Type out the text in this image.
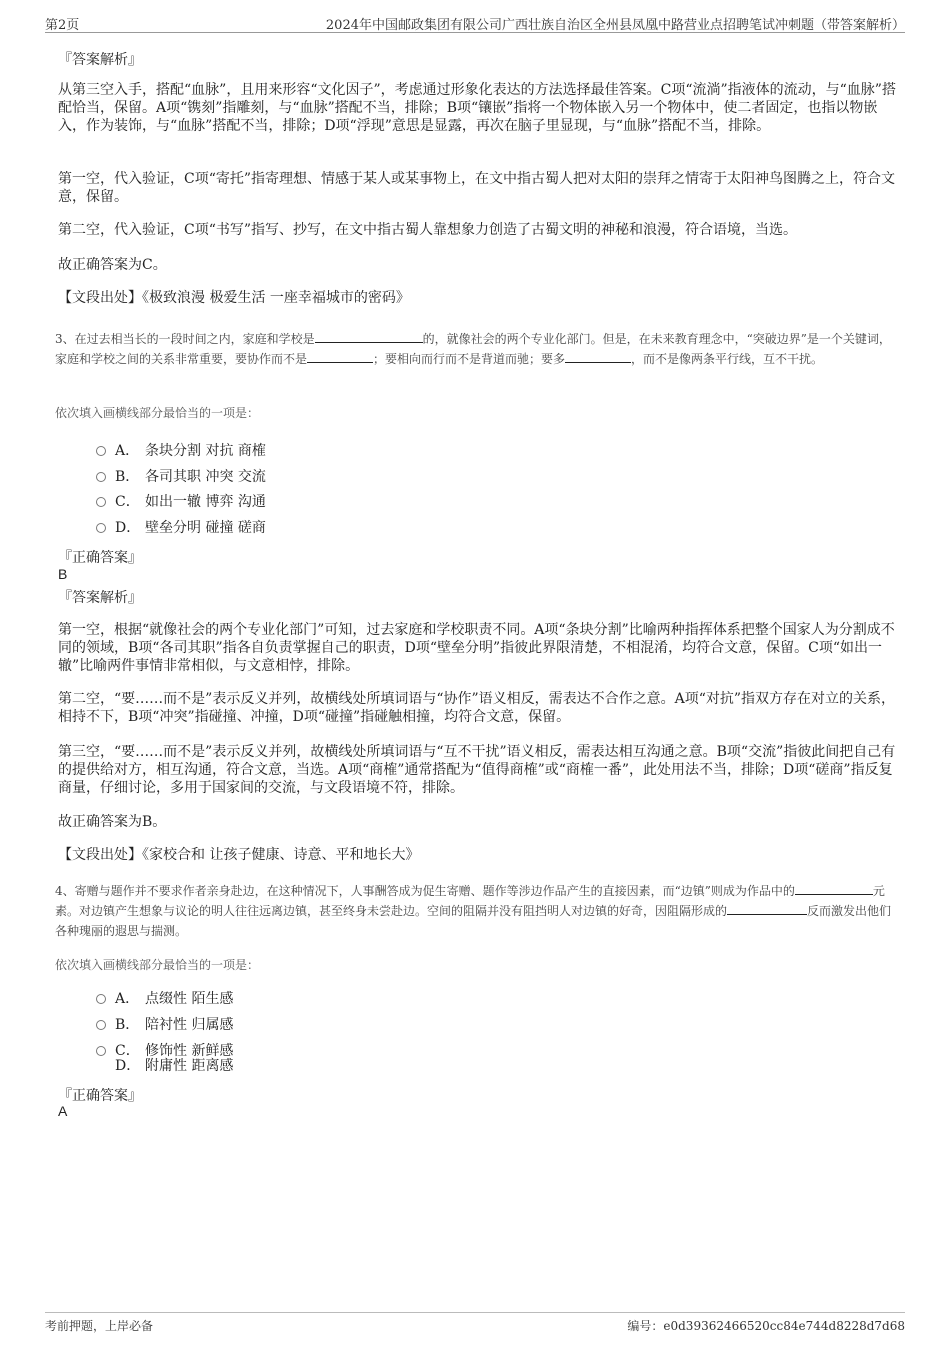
第2页	2024年中国邮政集团有限公司广西壮族自治区全州县凤凰中路营业点招聘笔试冲刺题（带答案解析）
『答案解析』
从第三空入手，搭配“血脉”，且用来形容“文化因子”，考虑通过形象化表达的方法选择最佳答案。C项“流淌”指液体的流动，与“血脉”搭配恰当，保留。A项“镌刻”指雕刻，与“血脉”搭配不当，排除；B项“镶嵌”指将一个物体嵌入另一个物体中，使二者固定，也指以物嵌入，作为装饰，与“血脉”搭配不当，排除；D项“浮现”意思是显露，再次在脑子里显现，与“血脉”搭配不当，排除。
第一空，代入验证，C项“寄托”指寄理想、情感于某人或某事物上，在文中指古蜀人把对太阳的崇拜之情寄于太阳神鸟图腾之上，符合文意，保留。
第二空，代入验证，C项“书写”指写、抄写，在文中指古蜀人靠想象力创造了古蜀文明的神秘和浪漫，符合语境，当选。
故正确答案为C。
【文段出处】《极致浪漫 极爱生活 一座幸福城市的密码》
3、在过去相当长的一段时间之内，家庭和学校是	的，就像社会的两个专业化部门。但是，在未来教育理念中，“突破边界”是一个关键词，家庭和学校之间的关系非常重要，要协作而不是	；要相向而行而不是背道而驰；要多	，而不是像两条平行线，互不干扰。
依次填入画横线部分最恰当的一项是：
A． 条块分割 对抗 商榷
B． 各司其职 冲突 交流
C． 如出一辙 博弈 沟通
D． 壁垒分明 碰撞 磋商
『正确答案』
B
『答案解析』
第一空，根据“就像社会的两个专业化部门”可知，过去家庭和学校职责不同。A项“条块分割”比喻两种指挥体系把整个国家人为分割成不同的领域，B项“各司其职”指各自负责掌握自己的职责，D项“壁垒分明”指彼此界限清楚，不相混淆，均符合文意，保留。C项“如出一辙”比喻两件事情非常相似，与文意相悖，排除。
第二空，“要……而不是”表示反义并列，故横线处所填词语与“协作”语义相反，需表达不合作之意。A项“对抗”指双方存在对立的关系，相持不下，B项“冲突”指碰撞、冲撞，D项“碰撞”指碰触相撞，均符合文意，保留。
第三空，“要……而不是”表示反义并列，故横线处所填词语与“互不干扰”语义相反，需表达相互沟通之意。B项“交流”指彼此间把自己有的提供给对方，相互沟通，符合文意，当选。A项“商榷”通常搭配为“值得商榷”或“商榷一番”，此处用法不当，排除；D项“磋商”指反复商量，仔细讨论，多用于国家间的交流，与文段语境不符，排除。
故正确答案为B。
【文段出处】《家校合和 让孩子健康、诗意、平和地长大》
4、寄赠与题作并不要求作者亲身赴边，在这种情况下，人事酬答成为促生寄赠、题作等涉边作品产生的直接因素，而“边镇”则成为作品中的	元素。对边镇产生想象与议论的明人往往远离边镇，甚至终身未尝赴边。空间的阻隔并没有阻挡明人对边镇的好奇，因阻隔形成的	反而激发出他们各种瑰丽的遐思与揣测。
依次填入画横线部分最恰当的一项是：
A． 点缀性 陌生感
B． 陪衬性 归属感
C． 修饰性 新鲜感
D． 附庸性 距离感
『正确答案』
A
考前押题，上岸必备	编号：e0d39362466520cc84e744d8228d7d68
